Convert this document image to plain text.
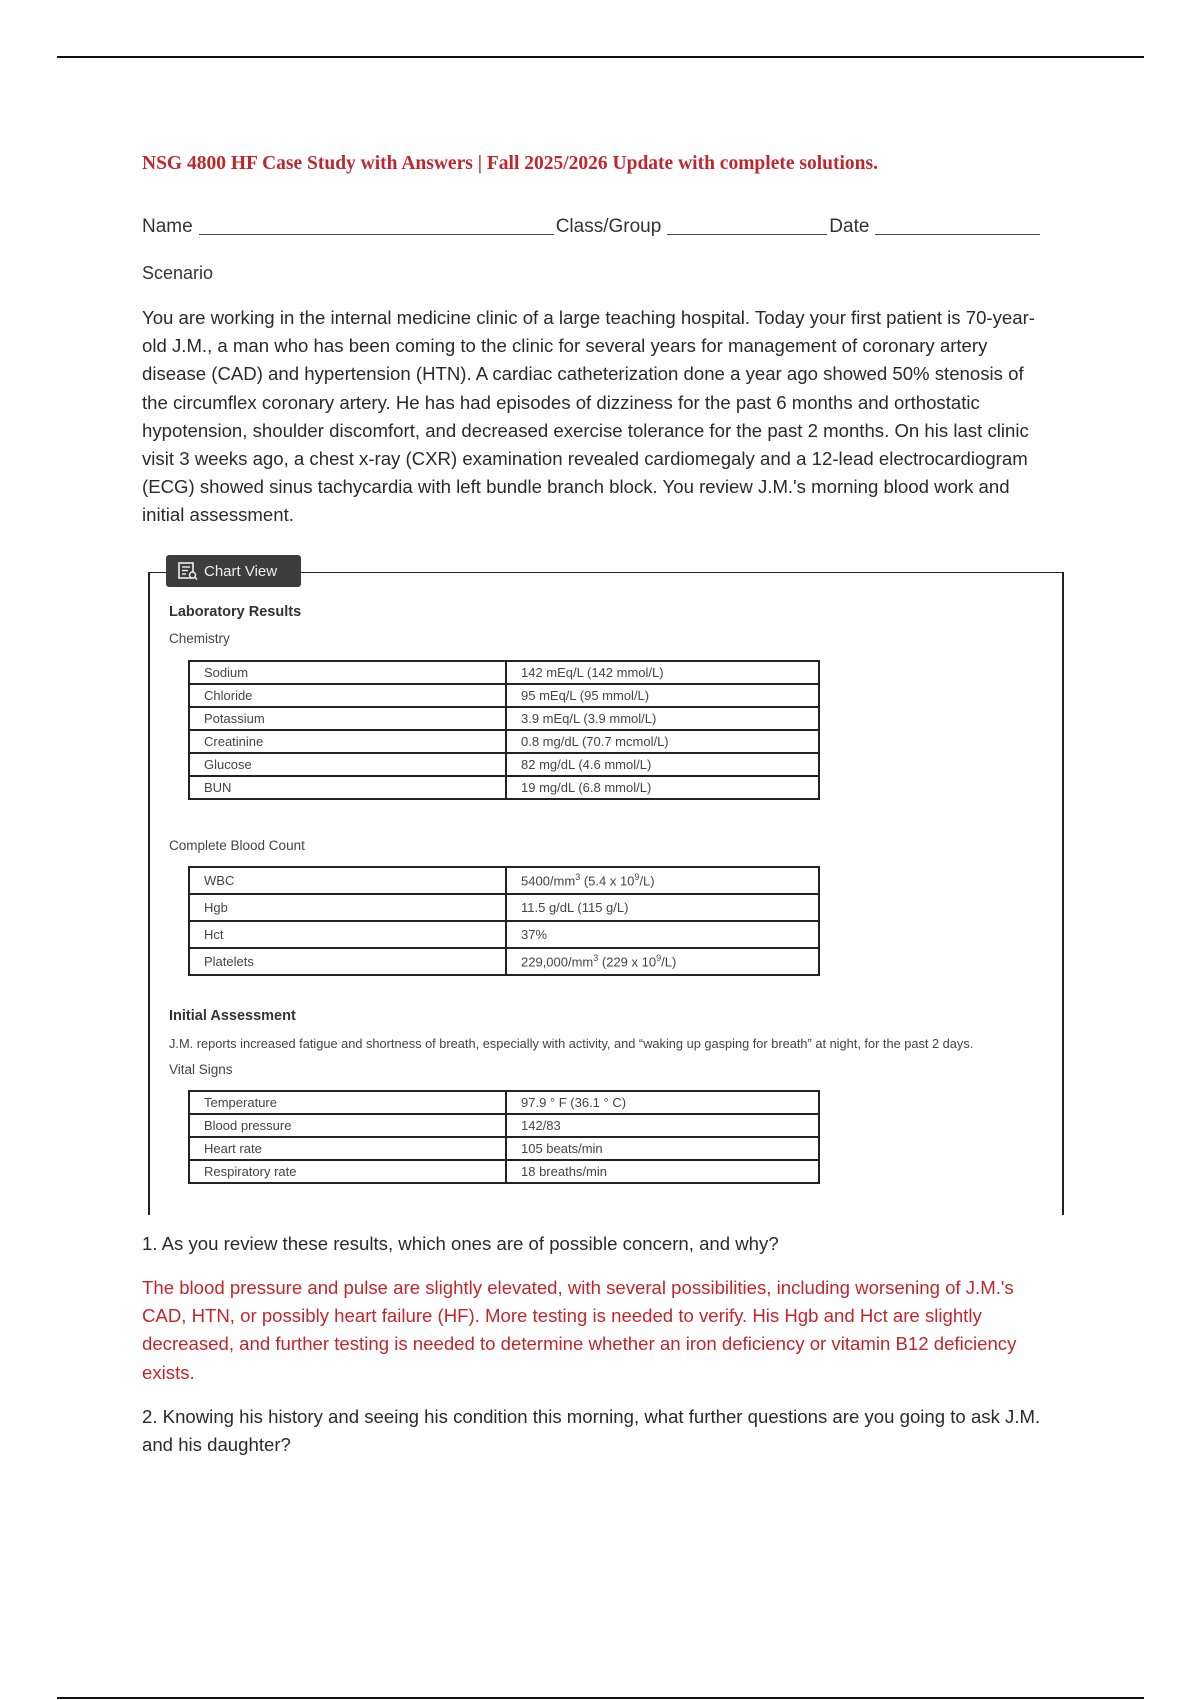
NSG 4800 HF Case Study with Answers | Fall 2025/2026 Update with complete solutions.
Name	Class/Group	Date
Scenario
You are working in the internal medicine clinic of a large teaching hospital. Today your first patient is 70-year-old J.M., a man who has been coming to the clinic for several years for management of coronary artery disease (CAD) and hypertension (HTN). A cardiac catheterization done a year ago showed 50% stenosis of the circumflex coronary artery. He has had episodes of dizziness for the past 6 months and orthostatic hypotension, shoulder discomfort, and decreased exercise tolerance for the past 2 months. On his last clinic visit 3 weeks ago, a chest x-ray (CXR) examination revealed cardiomegaly and a 12-lead electrocardiogram (ECG) showed sinus tachycardia with left bundle branch block. You review J.M.'s morning blood work and initial assessment.
Chart View
Laboratory Results
Chemistry
Sodium	142 mEq/L (142 mmol/L)
Chloride	95 mEq/L (95 mmol/L)
Potassium	3.9 mEq/L (3.9 mmol/L)
Creatinine	0.8 mg/dL (70.7 mcmol/L)
Glucose	82 mg/dL (4.6 mmol/L)
BUN	19 mg/dL (6.8 mmol/L)
Complete Blood Count
WBC	$5400/mm^3$ (5.4 x $10^9/L$)
Hgb	11.5 g/dL (115 g/L)
Hct	37%
Platelets	$229,000/mm^3$ (229 x $10^9/L$)
Initial Assessment
J.M. reports increased fatigue and shortness of breath, especially with activity, and “waking up gasping for breath” at night, for the past 2 days.
Vital Signs
Temperature	97.9 ° F (36.1 ° C)
Blood pressure	142/83
Heart rate	105 beats/min
Respiratory rate	18 breaths/min
1. As you review these results, which ones are of possible concern, and why?
The blood pressure and pulse are slightly elevated, with several possibilities, including worsening of J.M.'s CAD, HTN, or possibly heart failure (HF). More testing is needed to verify. His Hgb and Hct are slightly decreased, and further testing is needed to determine whether an iron deficiency or vitamin B12 deficiency exists.
2. Knowing his history and seeing his condition this morning, what further questions are you going to ask J.M. and his daughter?
